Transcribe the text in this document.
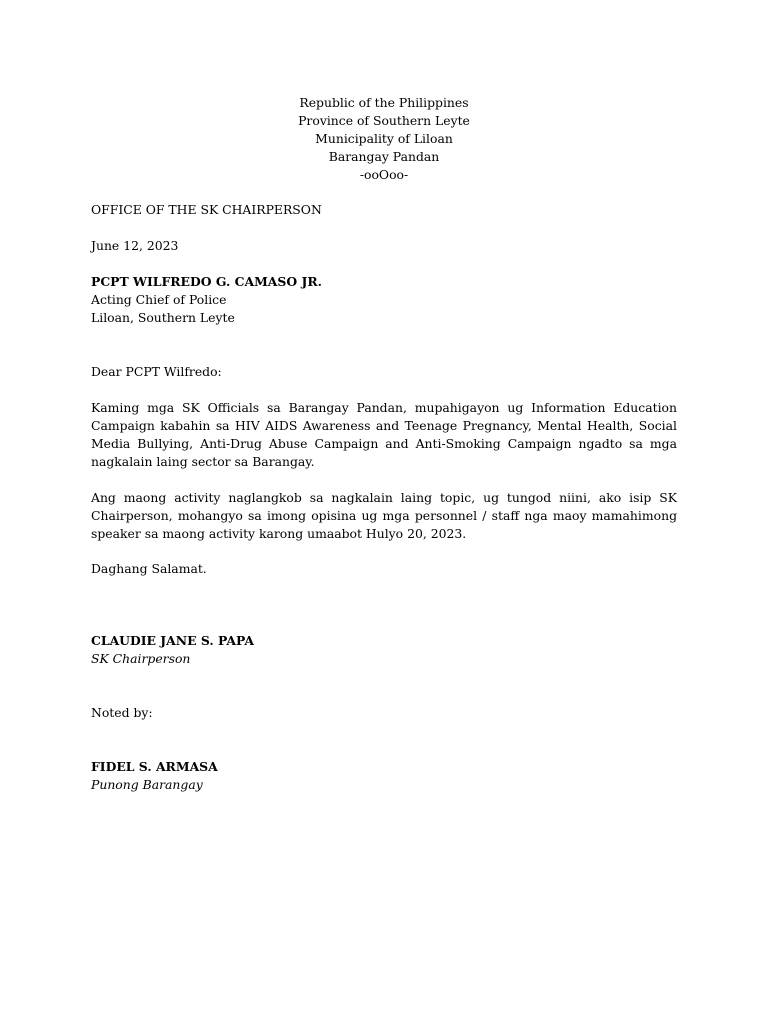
Republic of the Philippines
Province of Southern Leyte
Municipality of Liloan
Barangay Pandan
-ooOoo-
OFFICE OF THE SK CHAIRPERSON
June 12, 2023
PCPT WILFREDO G. CAMASO JR.
Acting Chief of Police
Liloan, Southern Leyte
Dear PCPT Wilfredo:
Kaming mga SK Officials sa Barangay Pandan, mupahigayon ug Information Education Campaign kabahin sa HIV AIDS Awareness and Teenage Pregnancy, Mental Health, Social Media Bullying, Anti-Drug Abuse Campaign and Anti-Smoking Campaign ngadto sa mga nagkalain laing sector sa Barangay.
Ang maong activity naglangkob sa nagkalain laing topic, ug tungod niini, ako isip SK Chairperson, mohangyo sa imong opisina ug mga personnel / staff nga maoy mamahimong speaker sa maong activity karong umaabot Hulyo 20, 2023.
Daghang Salamat.
CLAUDIE JANE S. PAPA
SK Chairperson
Noted by:
FIDEL S. ARMASA
Punong Barangay
